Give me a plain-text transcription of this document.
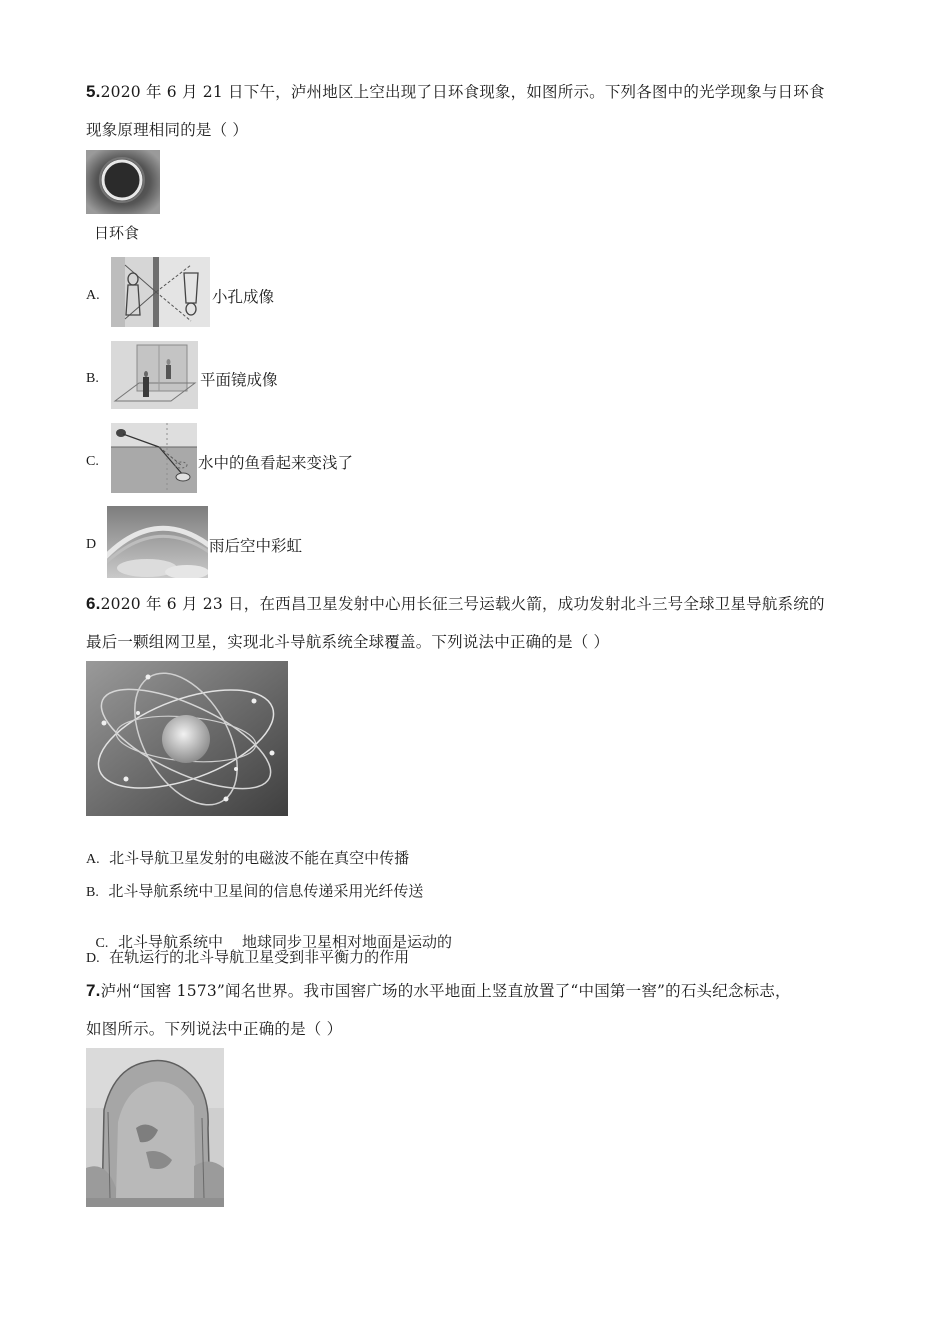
5.2020 年 6 月 21 日下午，泸州地区上空出现了日环食现象，如图所示。下列各图中的光学现象与日环食
现象原理相同的是（ ）
日环食
A.	小孔成像
B.	平面镜成像
C.	水中的鱼看起来变浅了
D	雨后空中彩虹
6.2020 年 6 月 23 日，在西昌卫星发射中心用长征三号运载火箭，成功发射北斗三号全球卫星导航系统的
最后一颗组网卫星，实现北斗导航系统全球覆盖。下列说法中正确的是（ ）
A. 北斗导航卫星发射的电磁波不能在真空中传播
B. 北斗导航系统中卫星间的信息传递采用光纤传送

C. 北斗导航系统中    地球同步卫星相对地面是运动的

D. 在轨运行的北斗导航卫星受到非平衡力的作用
7.泸州“国窖 1573”闻名世界。我市国窖广场的水平地面上竖直放置了“中国第一窖”的石头纪念标志，
如图所示。下列说法中正确的是（ ）
